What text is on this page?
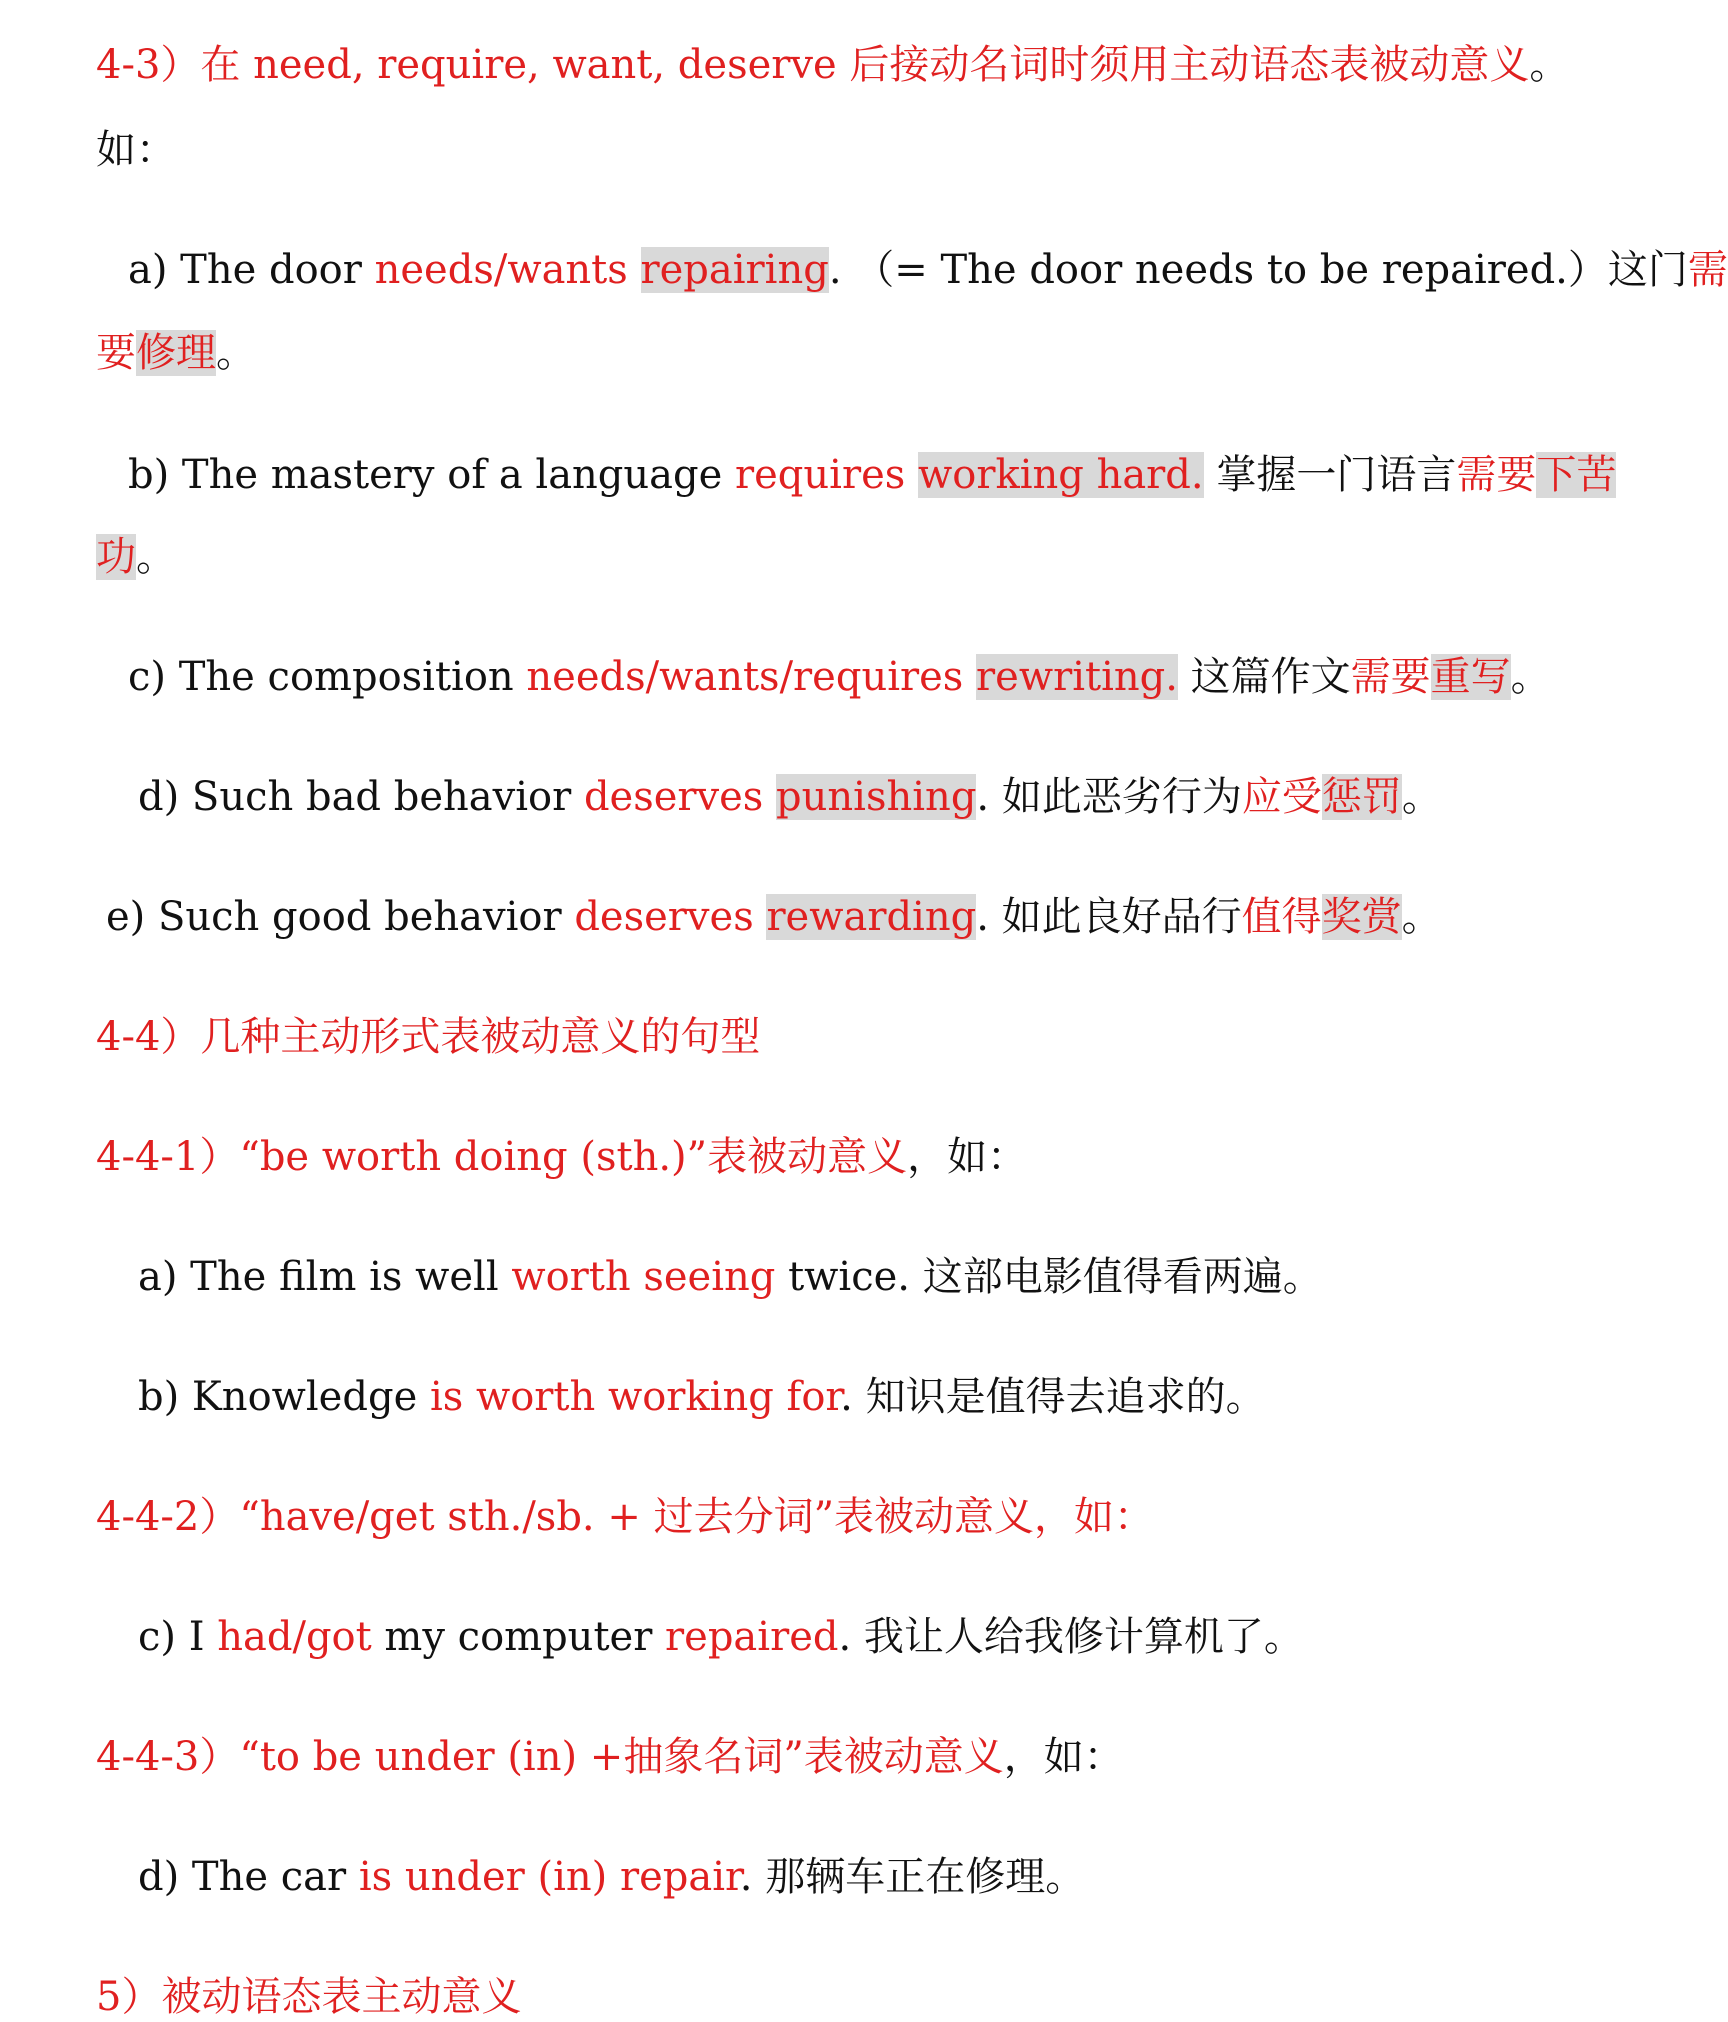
4-3）在 need, require, want, deserve 后接动名词时须用主动语态表被动意义。
如：
a) The door needs/wants repairing. （= The door needs to be repaired.）这门需
要修理。
b) The mastery of a language requires working hard. 掌握一门语言需要下苦
功。
c) The composition needs/wants/requires rewriting. 这篇作文需要重写。
d) Such bad behavior deserves punishing. 如此恶劣行为应受惩罚。
e) Such good behavior deserves rewarding. 如此良好品行值得奖赏。
4-4）几种主动形式表被动意义的句型
4-4-1）“be worth doing (sth.)”表被动意义，如：
a) The film is well worth seeing twice. 这部电影值得看两遍。
b) Knowledge is worth working for. 知识是值得去追求的。
4-4-2）“have/get sth./sb. + 过去分词”表被动意义，如：
c) I had/got my computer repaired. 我让人给我修计算机了。
4-4-3）“to be under (in) +抽象名词”表被动意义，如：
d) The car is under (in) repair. 那辆车正在修理。
5）被动语态表主动意义
